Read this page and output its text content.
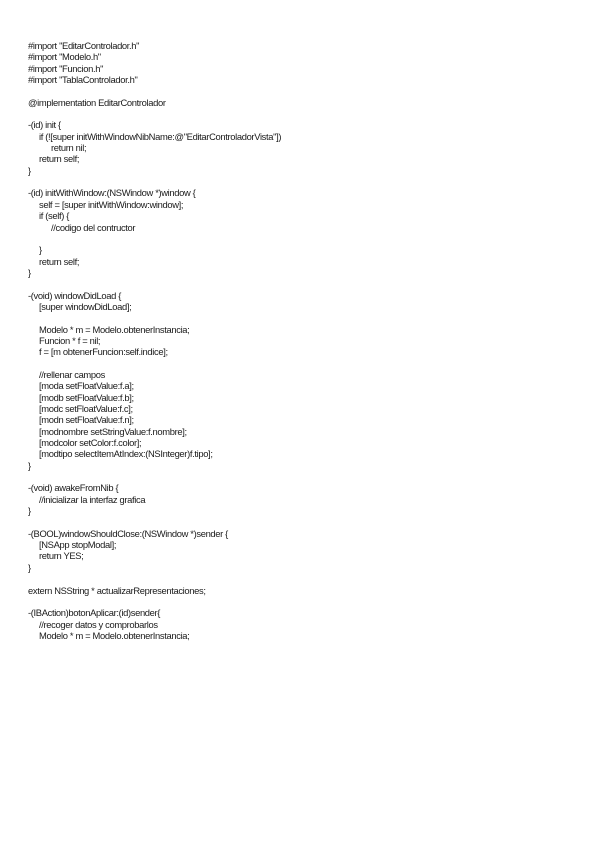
#import "EditarControlador.h"
#import "Modelo.h"
#import "Funcion.h"
#import "TablaControlador.h"
@implementation EditarControlador
-(id) init {
if (![super initWithWindowNibName:@"EditarControladorVista"])
return nil;
return self;
}
-(id) initWithWindow:(NSWindow *)window {
self = [super initWithWindow:window];
if (self) {
//codigo del contructor
}
return self;
}
-(void) windowDidLoad {
[super windowDidLoad];
Modelo * m = Modelo.obtenerInstancia;
Funcion * f = nil;
f = [m obtenerFuncion:self.indice];
//rellenar campos
[moda setFloatValue:f.a];
[modb setFloatValue:f.b];
[modc setFloatValue:f.c];
[modn setFloatValue:f.n];
[modnombre setStringValue:f.nombre];
[modcolor setColor:f.color];
[modtipo selectItemAtIndex:(NSInteger)f.tipo];
}
-(void) awakeFromNib {
//inicializar la interfaz grafica
}
-(BOOL)windowShouldClose:(NSWindow *)sender {
[NSApp stopModal];
return YES;
}
extern NSString * actualizarRepresentaciones;
-(IBAction)botonAplicar:(id)sender{
//recoger datos y comprobarlos
Modelo * m = Modelo.obtenerInstancia;
